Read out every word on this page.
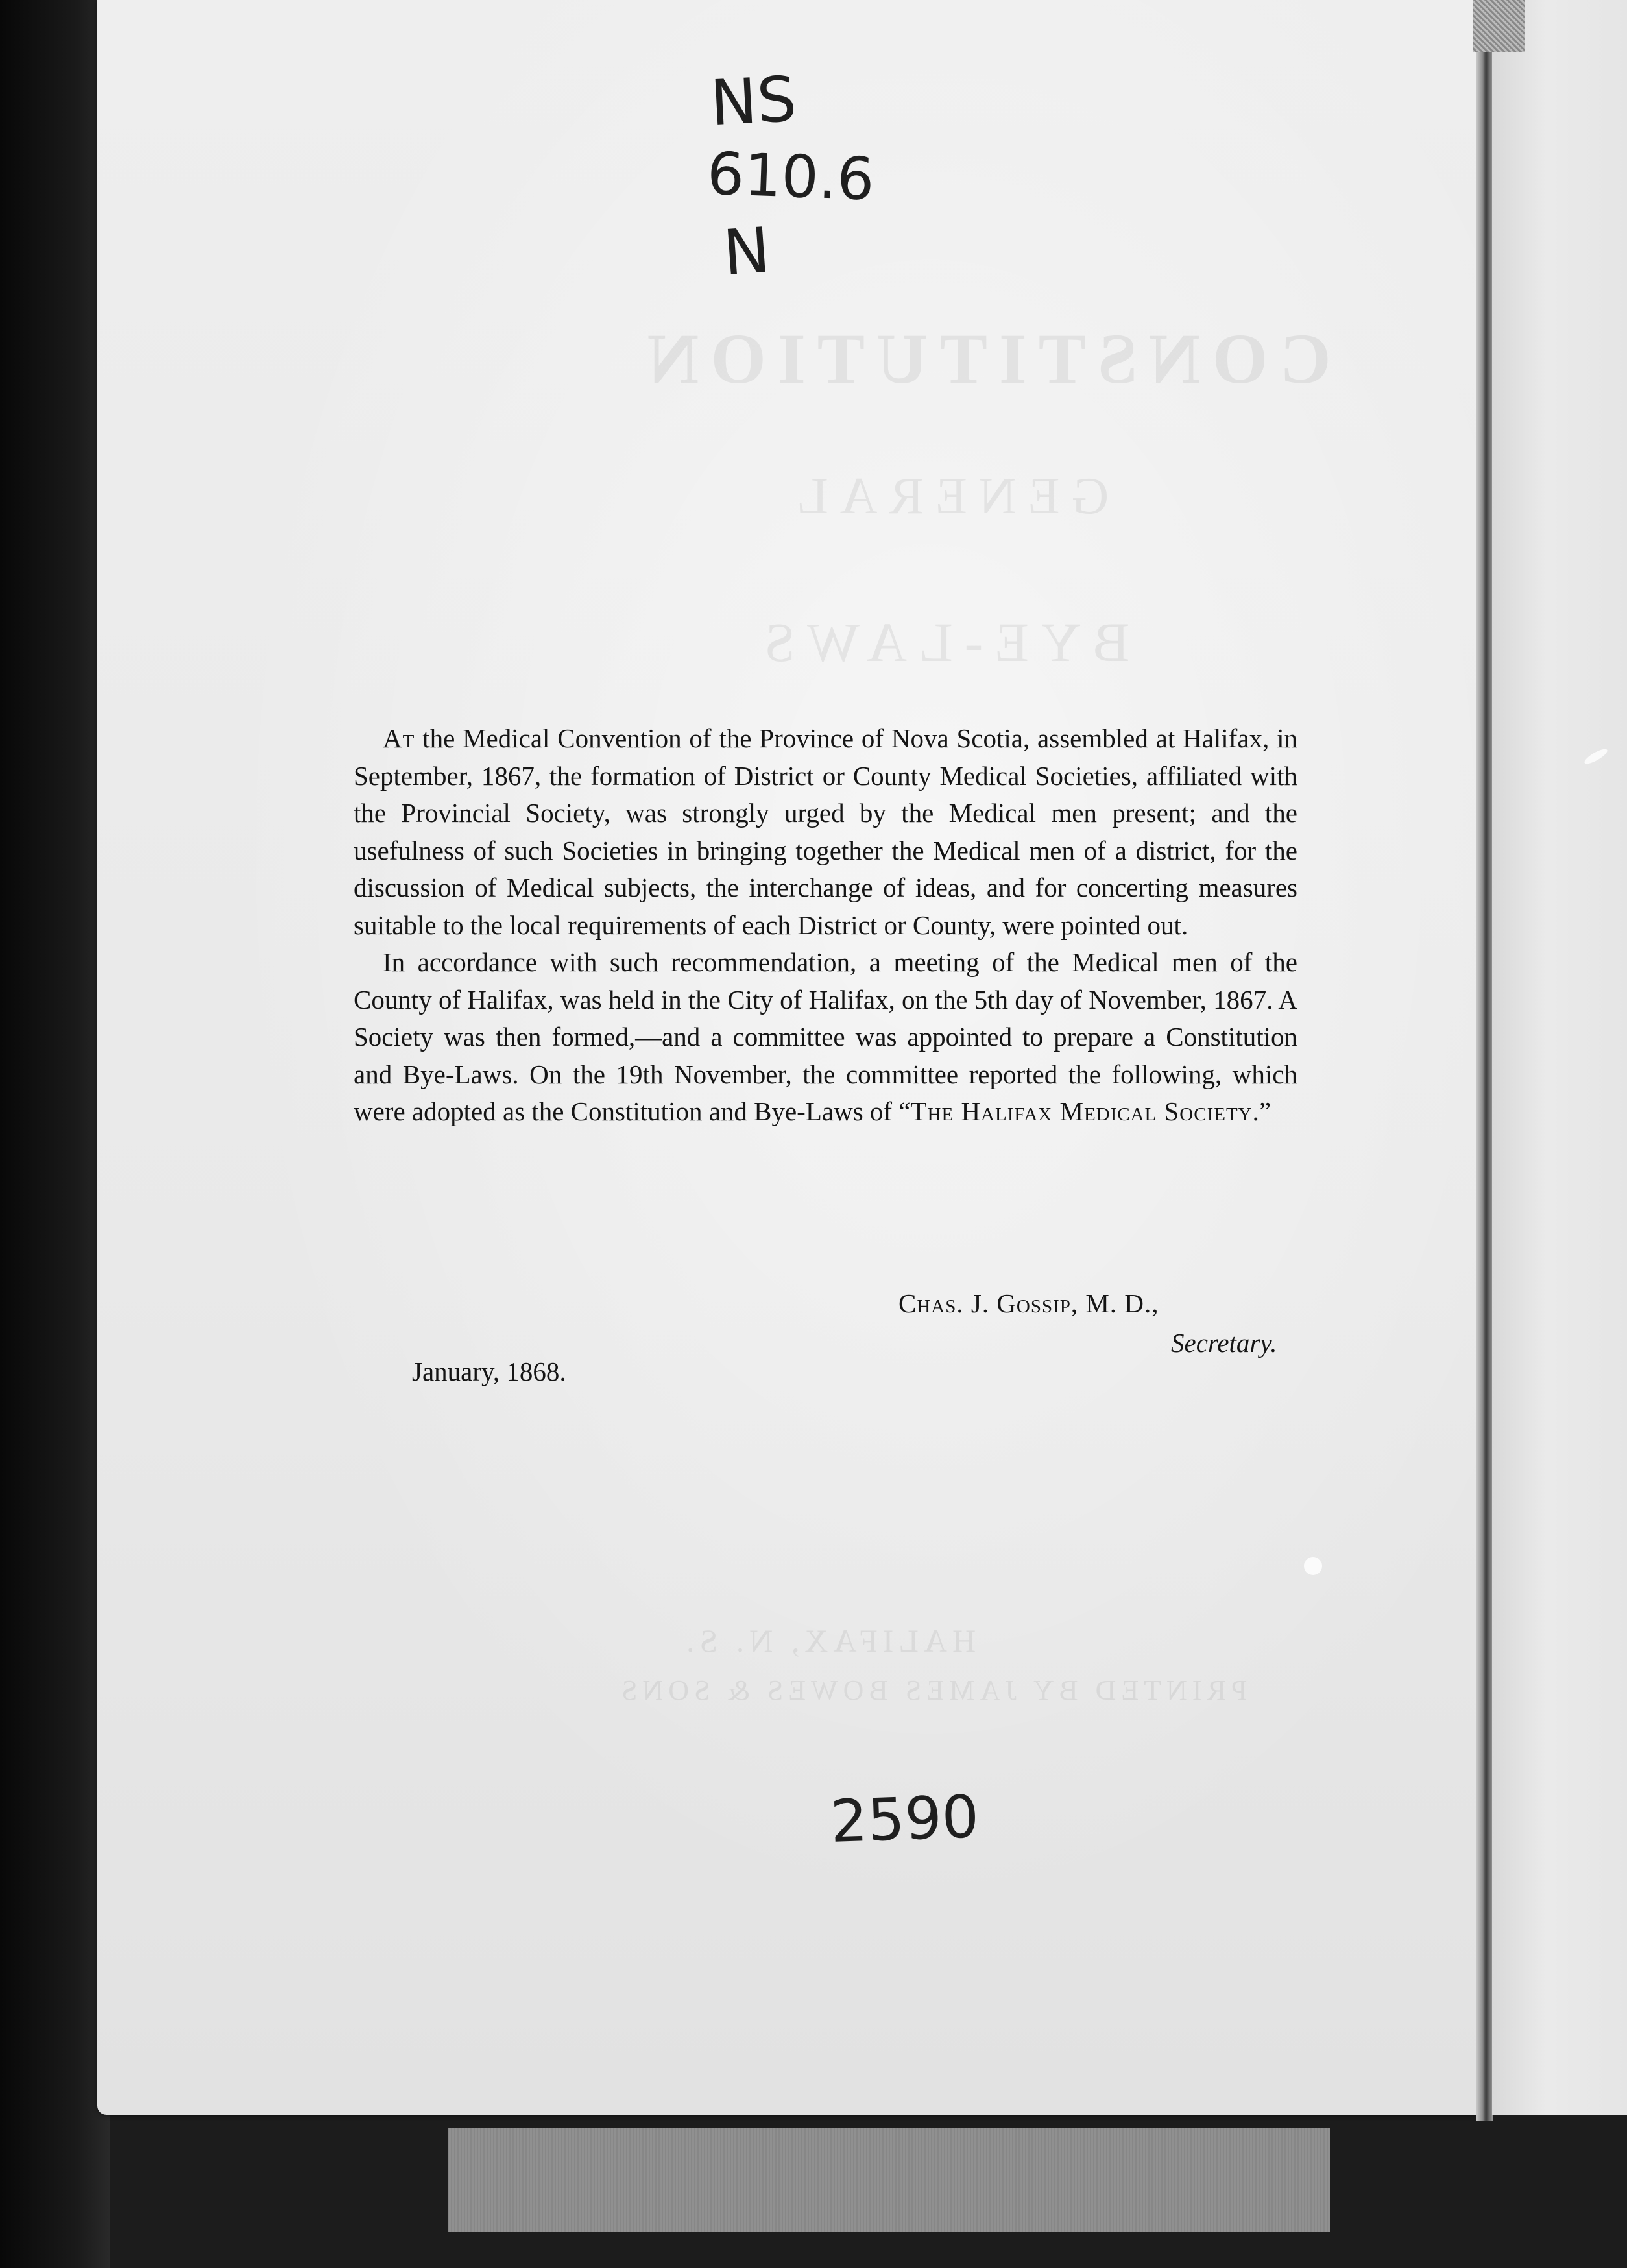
CONSTITUTION
GENERAL
BYE-LAWS
HALIFAX, N. S.
PRINTED BY JAMES BOWES & SONS
NS
610.6
N

At the Medical Convention of the Province of Nova Scotia, assembled at Halifax, in September, 1867, the formation of District or County Medical Societies, affiliated with the Provincial Society, was strongly urged by the Medical men present; and the usefulness of such Societies in bringing together the Medical men of a district, for the discussion of Medical subjects, the interchange of ideas, and for concerting measures suitable to the local requirements of each District or County, were pointed out.

In accordance with such recommendation, a meeting of the Medical men of the County of Halifax, was held in the City of Halifax, on the 5th day of November, 1867. A Society was then formed,—and a committee was appointed to prepare a Constitution and Bye-Laws. On the 19th November, the committee reported the following, which were adopted as the Constitution and Bye-Laws of “The Halifax Medical Society.”

Chas. J. Gossip, M. D.,
Secretary.
January, 1868.
2590
